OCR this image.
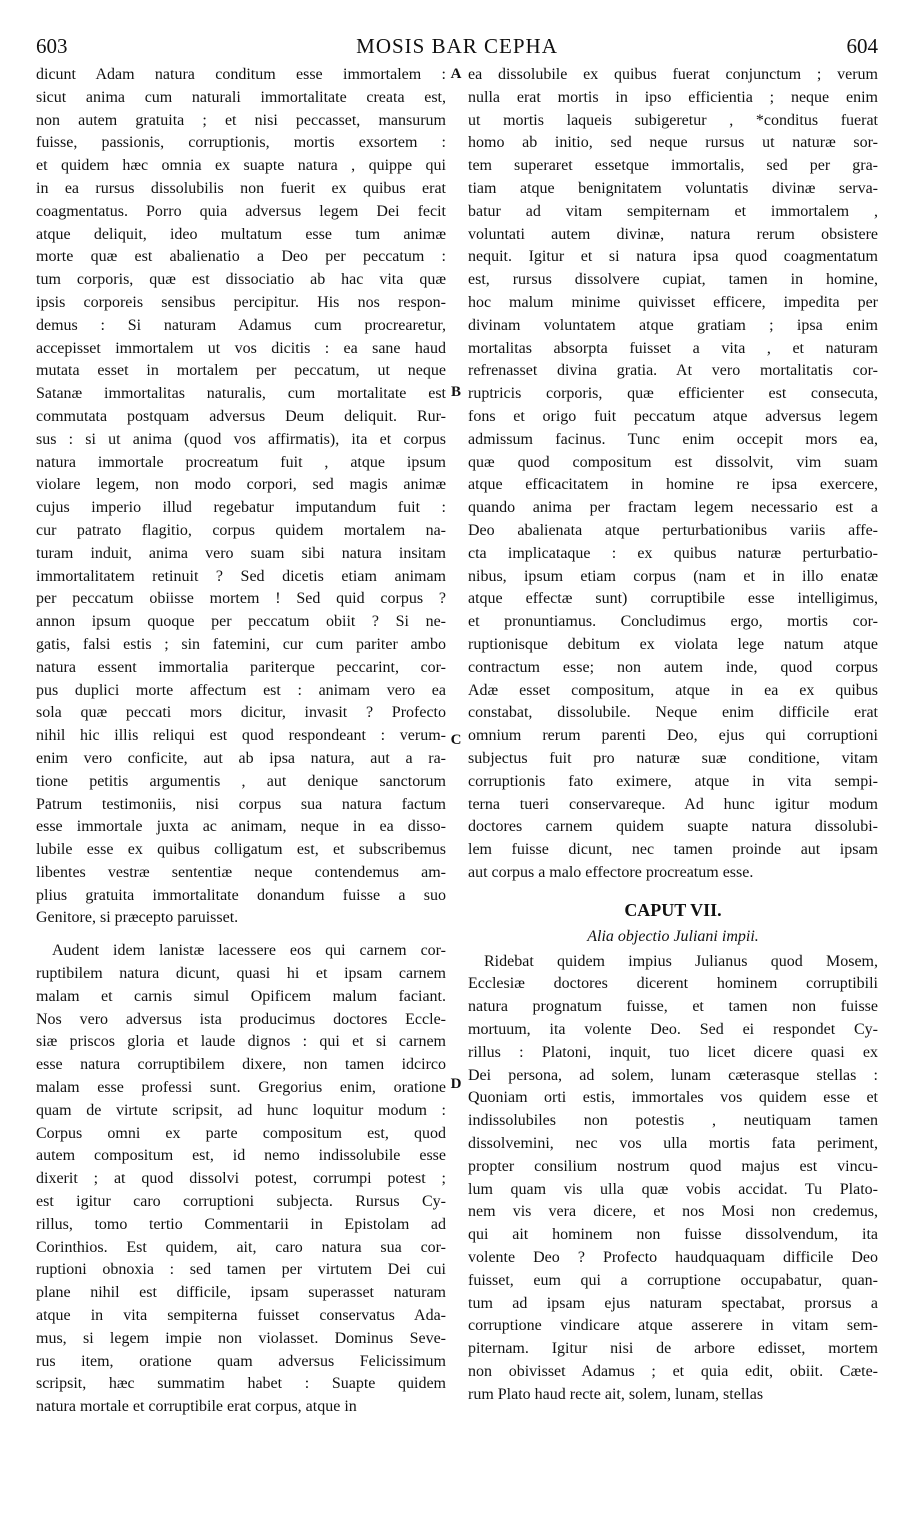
603	MOSIS BAR CEPHA	604
dicunt Adam natura conditum esse immortalem :
sicut anima cum naturali immortalitate creata est,
non autem gratuita ; et nisi peccasset, mansurum
fuisse, passionis, corruptionis, mortis exsortem :
et quidem hæc omnia ex suapte natura , quippe qui
in ea rursus dissolubilis non fuerit ex quibus erat
coagmentatus. Porro quia adversus legem Dei fecit
atque deliquit, ideo multatum esse tum animæ
morte quæ est abalienatio a Deo per peccatum :
tum corporis, quæ est dissociatio ab hac vita quæ
ipsis corporeis sensibus percipitur. His nos respon-
demus : Si naturam Adamus cum procrearetur,
accepisset immortalem ut vos dicitis : ea sane haud
mutata esset in mortalem per peccatum, ut neque
Satanæ immortalitas naturalis, cum mortalitate est
commutata postquam adversus Deum deliquit. Rur-
sus : si ut anima (quod vos affirmatis), ita et corpus
natura immortale procreatum fuit , atque ipsum
violare legem, non modo corpori, sed magis animæ
cujus imperio illud regebatur imputandum fuit :
cur patrato flagitio, corpus quidem mortalem na-
turam induit, anima vero suam sibi natura insitam
immortalitatem retinuit ? Sed dicetis etiam animam
per peccatum obiisse mortem ! Sed quid corpus ?
annon ipsum quoque per peccatum obiit ? Si ne-
gatis, falsi estis ; sin fatemini, cur cum pariter ambo
natura essent immortalia pariterque peccarint, cor-
pus duplici morte affectum est : animam vero ea
sola quæ peccati mors dicitur, invasit ? Profecto
nihil hic illis reliqui est quod respondeant : verum-
enim vero conficite, aut ab ipsa natura, aut a ra-
tione petitis argumentis , aut denique sanctorum
Patrum testimoniis, nisi corpus sua natura factum
esse immortale juxta ac animam, neque in ea disso-
lubile esse ex quibus colligatum est, et subscribemus
libentes vestræ sententiæ neque contendemus am-
plius gratuita immortalitate donandum fuisse a suo
Genitore, si præcepto paruisset.
Audent idem lanistæ lacessere eos qui carnem cor-
ruptibilem natura dicunt, quasi hi et ipsam carnem
malam et carnis simul Opificem malum faciant.
Nos vero adversus ista producimus doctores Eccle-
siæ priscos gloria et laude dignos : qui et si carnem
esse natura corruptibilem dixere, non tamen idcirco
malam esse professi sunt. Gregorius enim, oratione
quam de virtute scripsit, ad hunc loquitur modum :
Corpus omni ex parte compositum est, quod
autem compositum est, id nemo indissolubile esse
dixerit ; at quod dissolvi potest, corrumpi potest ;
est igitur caro corruptioni subjecta. Rursus Cy-
rillus, tomo tertio Commentarii in Epistolam ad
Corinthios. Est quidem, ait, caro natura sua cor-
ruptioni obnoxia : sed tamen per virtutem Dei cui
plane nihil est difficile, ipsam superasset naturam
atque in vita sempiterna fuisset conservatus Ada-
mus, si legem impie non violasset. Dominus Seve-
rus item, oratione quam adversus Felicissimum
scripsit, hæc summatim habet : Suapte quidem
natura mortale et corruptibile erat corpus, atque in
ea dissolubile ex quibus fuerat conjunctum ; verum
nulla erat mortis in ipso efficientia ; neque enim
ut mortis laqueis subigeretur , *conditus fuerat
homo ab initio, sed neque rursus ut naturæ sor-
tem superaret essetque immortalis, sed per gra-
tiam atque benignitatem voluntatis divinæ serva-
batur ad vitam sempiternam et immortalem ,
voluntati autem divinæ, natura rerum obsistere
nequit. Igitur et si natura ipsa quod coagmentatum
est, rursus dissolvere cupiat, tamen in homine,
hoc malum minime quivisset efficere, impedita per
divinam voluntatem atque gratiam ; ipsa enim
mortalitas absorpta fuisset a vita , et naturam
refrenasset divina gratia. At vero mortalitatis cor-
ruptricis corporis, quæ efficienter est consecuta,
fons et origo fuit peccatum atque adversus legem
admissum facinus. Tunc enim occepit mors ea,
quæ quod compositum est dissolvit, vim suam
atque efficacitatem in homine re ipsa exercere,
quando anima per fractam legem necessario est a
Deo abalienata atque perturbationibus variis affe-
cta implicataque : ex quibus naturæ perturbatio-
nibus, ipsum etiam corpus (nam et in illo enatæ
atque effectæ sunt) corruptibile esse intelligimus,
et pronuntiamus. Concludimus ergo, mortis cor-
ruptionisque debitum ex violata lege natum atque
contractum esse; non autem inde, quod corpus
Adæ esset compositum, atque in ea ex quibus
constabat, dissolubile. Neque enim difficile erat
omnium rerum parenti Deo, ejus qui corruptioni
subjectus fuit pro naturæ suæ conditione, vitam
corruptionis fato eximere, atque in vita sempi-
terna tueri conservareque. Ad hunc igitur modum
doctores carnem quidem suapte natura dissolubi-
lem fuisse dicunt, nec tamen proinde aut ipsam
aut corpus a malo effectore procreatum esse.
CAPUT VII.
Alia objectio Juliani impii.
Ridebat quidem impius Julianus quod Mosem,
Ecclesiæ doctores dicerent hominem corruptibili
natura prognatum fuisse, et tamen non fuisse
mortuum, ita volente Deo. Sed ei respondet Cy-
rillus : Platoni, inquit, tuo licet dicere quasi ex
Dei persona, ad solem, lunam cæterasque stellas :
Quoniam orti estis, immortales vos quidem esse et
indissolubiles non potestis , neutiquam tamen
dissolvemini, nec vos ulla mortis fata periment,
propter consilium nostrum quod majus est vincu-
lum quam vis ulla quæ vobis accidat. Tu Plato-
nem vis vera dicere, et nos Mosi non credemus,
qui ait hominem non fuisse dissolvendum, ita
volente Deo ? Profecto haudquaquam difficile Deo
fuisset, eum qui a corruptione occupabatur, quan-
tum ad ipsam ejus naturam spectabat, prorsus a
corruptione vindicare atque asserere in vitam sem-
piternam. Igitur nisi de arbore edisset, mortem
non obivisset Adamus ; et quia edit, obiit. Cæte-
rum Plato haud recte ait, solem, lunam, stellas
A
B
C
D
